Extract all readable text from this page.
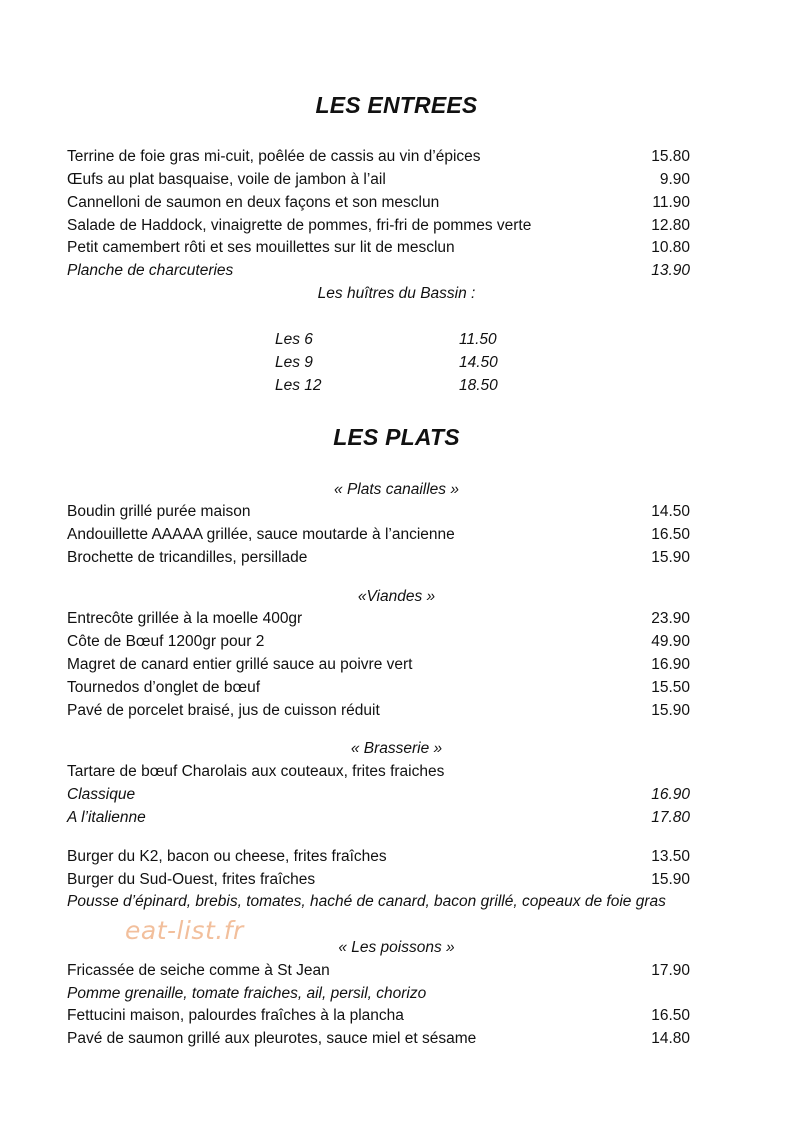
LES ENTREES
Terrine de foie gras mi-cuit, poêlée de cassis au vin d’épices	15.80
Œufs au plat basquaise, voile de jambon à l’ail	9.90
Cannelloni de saumon en deux façons et son mesclun	11.90
Salade de Haddock, vinaigrette de pommes, fri-fri de pommes verte	12.80
Petit camembert rôti et ses mouillettes sur lit de mesclun	10.80
Planche de charcuteries	13.90
Les huîtres du Bassin :
Les 6	11.50
Les 9	14.50
Les 12	18.50
LES PLATS
« Plats canailles »
Boudin grillé purée maison	14.50
Andouillette AAAAA grillée, sauce moutarde à l’ancienne	16.50
Brochette de tricandilles, persillade	15.90
«Viandes »
Entrecôte grillée à la moelle 400gr	23.90
Côte de Bœuf 1200gr pour 2	49.90
Magret de canard entier grillé sauce au poivre vert	16.90
Tournedos d’onglet de bœuf	15.50
Pavé de porcelet braisé, jus de cuisson réduit	15.90
« Brasserie »
Tartare de bœuf Charolais aux couteaux, frites fraiches
Classique	16.90
A l’italienne	17.80
Burger du K2, bacon ou cheese, frites fraîches	13.50
Burger du Sud-Ouest, frites fraîches	15.90
Pousse d’épinard, brebis, tomates, haché de canard, bacon grillé, copeaux de foie gras
eat-list.fr
« Les poissons »
Fricassée de seiche comme à St Jean	17.90
Pomme grenaille, tomate fraiches, ail, persil, chorizo
Fettucini maison, palourdes fraîches à la plancha	16.50
Pavé de saumon grillé aux pleurotes, sauce miel et sésame	14.80
